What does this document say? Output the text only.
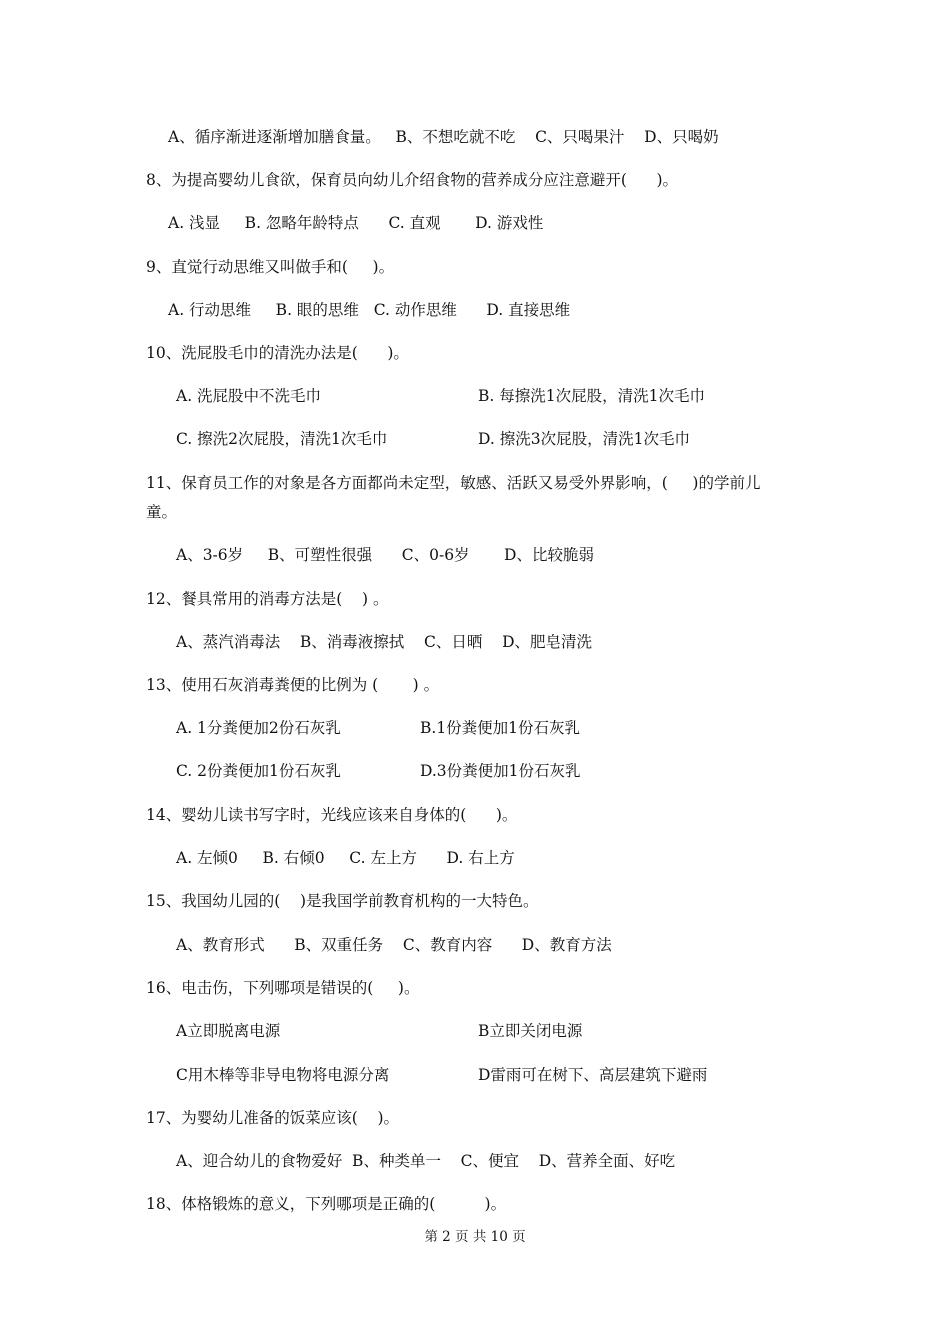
A、循序渐进逐渐增加膳食量。   B、不想吃就不吃    C、只喝果汁    D、只喝奶

8、为提高婴幼儿食欲，保育员向幼儿介绍食物的营养成分应注意避开(      )。

A. 浅显     B. 忽略年龄特点      C. 直观       D. 游戏性

9、直觉行动思维又叫做手和(     )。

A. 行动思维     B. 眼的思维   C. 动作思维      D. 直接思维

10、洗屁股毛巾的清洗办法是(      )。

A. 洗屁股中不洗毛巾	B. 每擦洗1次屁股，清洗1次毛巾
C. 擦洗2次屁股，清洗1次毛巾	D. 擦洗3次屁股，清洗1次毛巾

11、保育员工作的对象是各方面都尚未定型，敏感、活跃又易受外界影响，(     )的学前儿

童。

A、3-6岁     B、可塑性很强      C、0-6岁       D、比较脆弱

12、餐具常用的消毒方法是(    ) 。

A、蒸汽消毒法    B、消毒液擦拭    C、日晒    D、肥皂清洗

13、使用石灰消毒粪便的比例为 (       ) 。

A. 1分粪便加2份石灰乳	B.1份粪便加1份石灰乳
C. 2份粪便加1份石灰乳	D.3份粪便加1份石灰乳

14、婴幼儿读书写字时，光线应该来自身体的(      )。

A. 左倾0     B. 右倾0     C. 左上方      D. 右上方

15、我国幼儿园的(    )是我国学前教育机构的一大特色。

A、教育形式      B、双重任务    C、教育内容      D、教育方法

16、电击伤，下列哪项是错误的(     )。

A立即脱离电源	B立即关闭电源
C用木棒等非导电物将电源分离	D雷雨可在树下、高层建筑下避雨

17、为婴幼儿准备的饭菜应该(    )。

A、迎合幼儿的食物爱好  B、种类单一    C、便宜    D、营养全面、好吃

18、体格锻炼的意义，下列哪项是正确的(          )。

第 2 页 共 10 页
